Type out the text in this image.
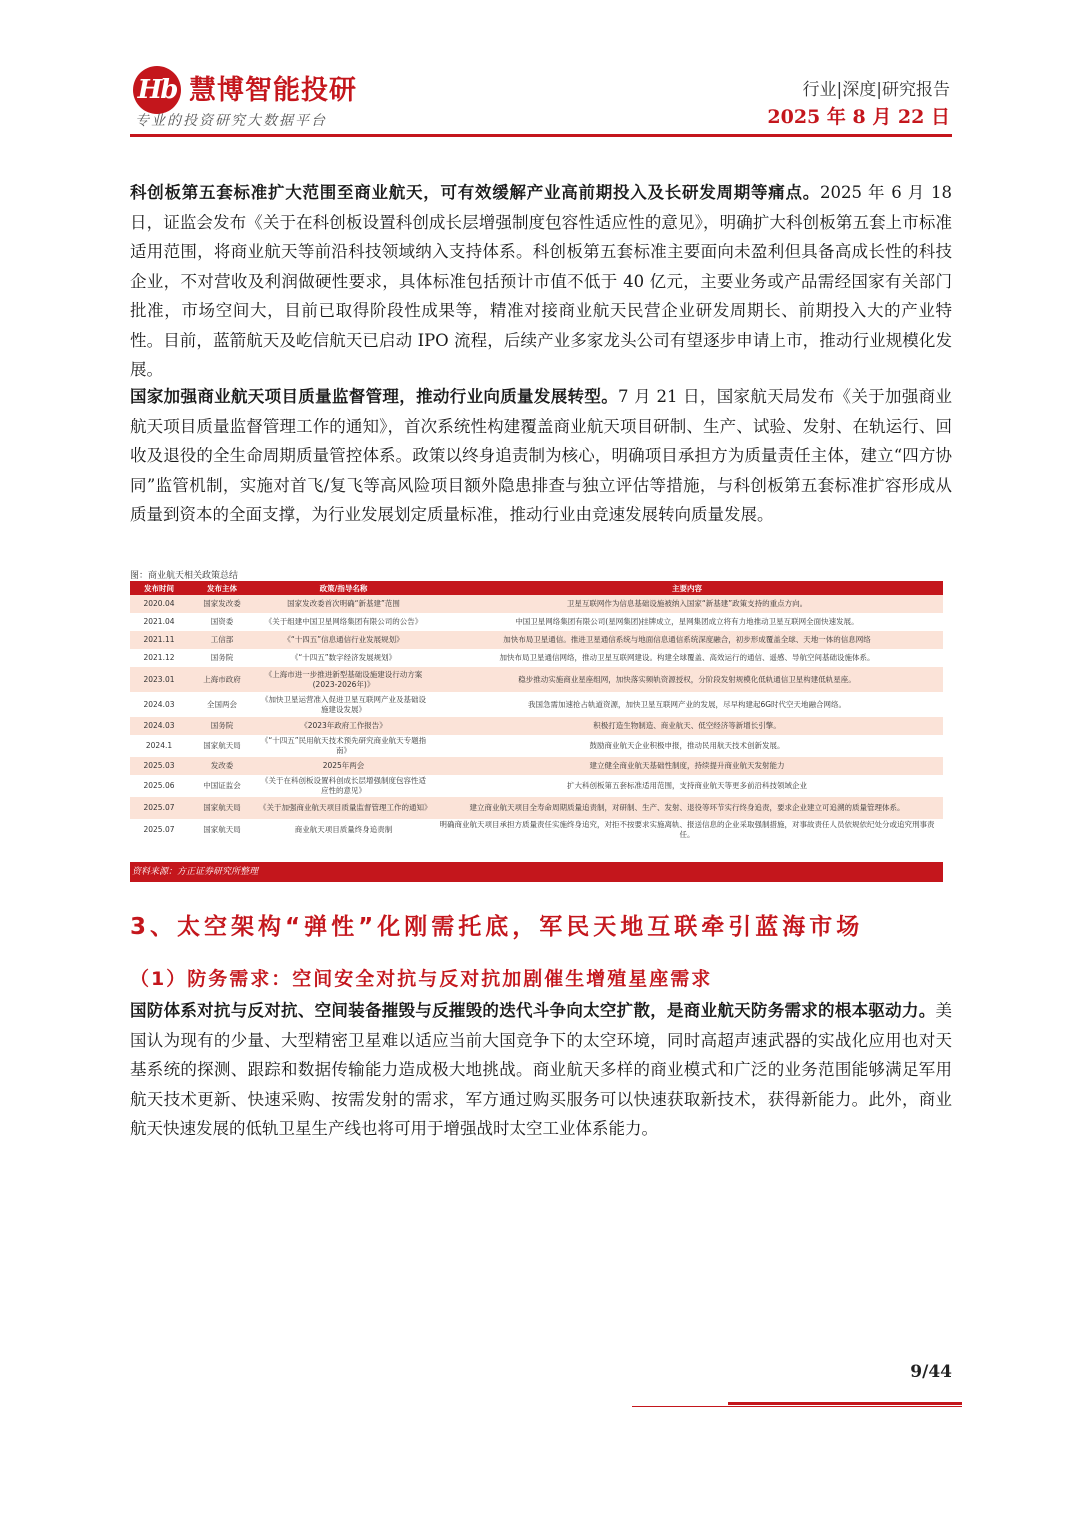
Hb 慧博智能投研
专业的投资研究大数据平台
行业|深度|研究报告
2025 年 8 月 22 日
科创板第五套标准扩大范围至商业航天，可有效缓解产业高前期投入及长研发周期等痛点。2025 年 6 月 18 日，证监会发布《关于在科创板设置科创成长层增强制度包容性适应性的意见》，明确扩大科创板第五套上市标准适用范围，将商业航天等前沿科技领域纳入支持体系。科创板第五套标准主要面向未盈利但具备高成长性的科技企业，不对营收及利润做硬性要求，具体标准包括预计市值不低于 40 亿元，主要业务或产品需经国家有关部门批准，市场空间大，目前已取得阶段性成果等，精准对接商业航天民营企业研发周期长、前期投入大的产业特性。目前，蓝箭航天及屹信航天已启动 IPO 流程，后续产业多家龙头公司有望逐步申请上市，推动行业规模化发展。
国家加强商业航天项目质量监督管理，推动行业向质量发展转型。7 月 21 日，国家航天局发布《关于加强商业航天项目质量监督管理工作的通知》，首次系统性构建覆盖商业航天项目研制、生产、试验、发射、在轨运行、回收及退役的全生命周期质量管控体系。政策以终身追责制为核心，明确项目承担方为质量责任主体，建立“四方协同”监管机制，实施对首飞/复飞等高风险项目额外隐患排查与独立评估等措施，与科创板第五套标准扩容形成从质量到资本的全面支撑，为行业发展划定质量标准，推动行业由竞速发展转向质量发展。
图：商业航天相关政策总结
发布时间	发布主体	政策/指导名称	主要内容
2020.04	国家发改委	国家发改委首次明确“新基建”范围	卫星互联网作为信息基础设施被纳入国家“新基建”政策支持的重点方向。
2021.04	国资委	《关于组建中国卫星网络集团有限公司的公告》	中国卫星网络集团有限公司(星网集团)挂牌成立，星网集团成立将有力地推动卫星互联网全面快速发展。
2021.11	工信部	《“十四五”信息通信行业发展规划》	加快布局卫星通信。推进卫星通信系统与地面信息通信系统深度融合，初步形成覆盖全球、天地一体的信息网络
2021.12	国务院	《“十四五”数字经济发展规划》	加快布局卫星通信网络，推动卫星互联网建设。构建全球覆盖、高效运行的通信、遥感、导航空间基础设施体系。
2023.01	上海市政府	《上海市进一步推进新型基础设施建设行动方案(2023-2026年)》	稳步推动实施商业星座组网，加快落实频轨资源授权，分阶段发射规模化低轨通信卫星构建低轨星座。
2024.03	全国两会	《加快卫星运营准入促进卫星互联网产业及基础设施建设发展》	我国急需加速抢占轨道资源，加快卫星互联网产业的发展，尽早构建起6G时代空天地融合网络。
2024.03	国务院	《2023年政府工作报告》	积极打造生物制造、商业航天、低空经济等新增长引擎。
2024.1	国家航天局	《“十四五”民用航天技术预先研究商业航天专题指南》	鼓励商业航天企业积极申报，推动民用航天技术创新发展。
2025.03	发改委	2025年两会	建立健全商业航天基础性制度，持续提升商业航天发射能力
2025.06	中国证监会	《关于在科创板设置科创成长层增强制度包容性适应性的意见》	扩大科创板第五套标准适用范围，支持商业航天等更多前沿科技领域企业
2025.07	国家航天局	《关于加强商业航天项目质量监督管理工作的通知》	建立商业航天项目全寿命周期质量追责制，对研制、生产、发射、退役等环节实行终身追责，要求企业建立可追溯的质量管理体系。
2025.07	国家航天局	商业航天项目质量终身追责制	明确商业航天项目承担方质量责任实施终身追究，对拒不按要求实施离轨、报送信息的企业采取强制措施，对事故责任人员依规依纪处分或追究刑事责任。
资料来源：方正证券研究所整理
3、太空架构“弹性”化刚需托底，军民天地互联牵引蓝海市场
（1）防务需求：空间安全对抗与反对抗加剧催生增殖星座需求
国防体系对抗与反对抗、空间装备摧毁与反摧毁的迭代斗争向太空扩散，是商业航天防务需求的根本驱动力。美国认为现有的少量、大型精密卫星难以适应当前大国竞争下的太空环境，同时高超声速武器的实战化应用也对天基系统的探测、跟踪和数据传输能力造成极大地挑战。商业航天多样的商业模式和广泛的业务范围能够满足军用航天技术更新、快速采购、按需发射的需求，军方通过购买服务可以快速获取新技术，获得新能力。此外，商业航天快速发展的低轨卫星生产线也将可用于增强战时太空工业体系能力。
9/44
